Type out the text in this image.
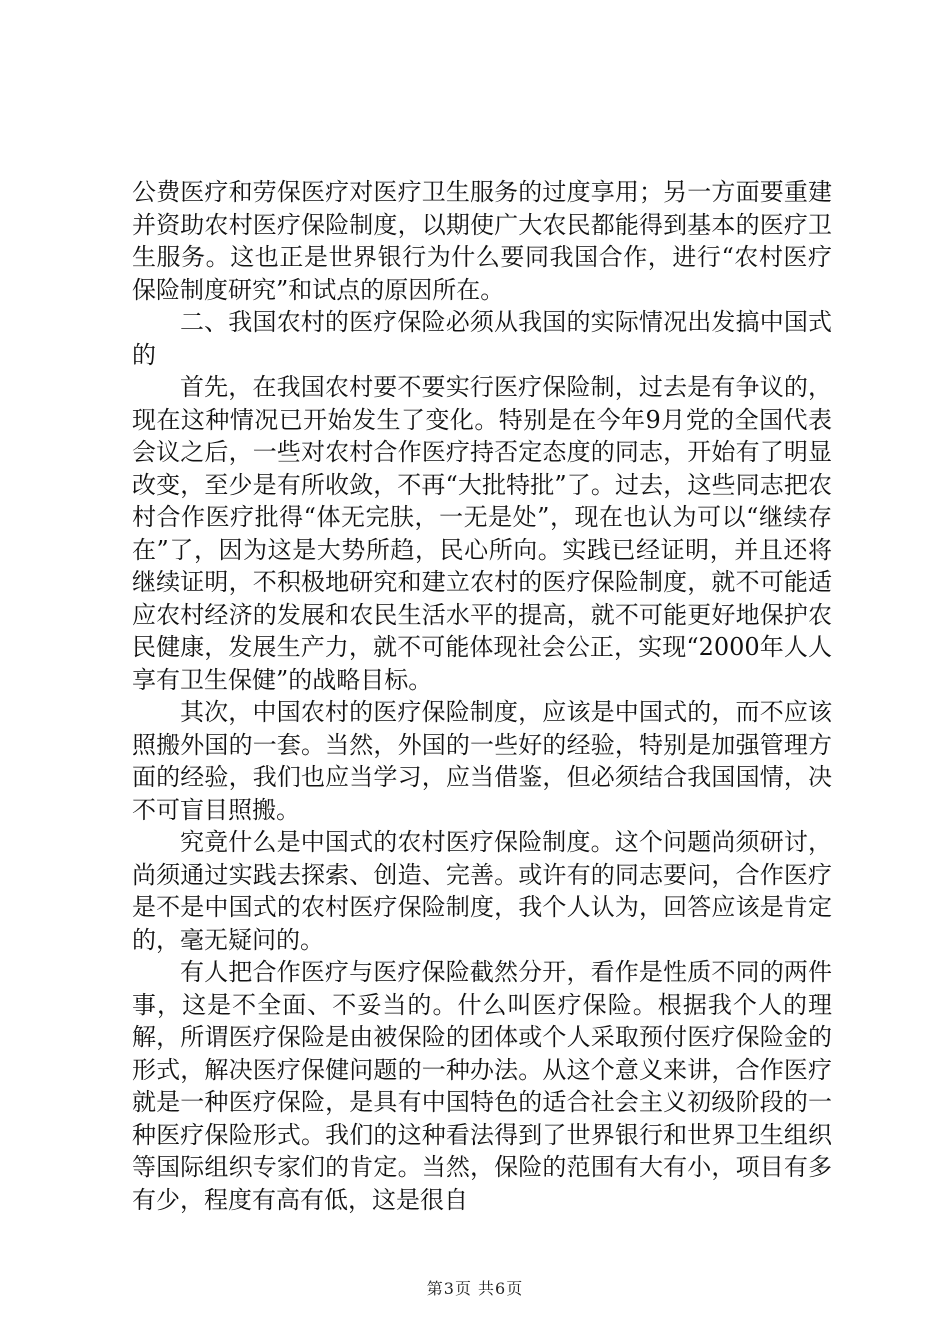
公费医疗和劳保医疗对医疗卫生服务的过度享用；另一方面要重建并资助农村医疗保险制度，以期使广大农民都能得到基本的医疗卫生服务。这也正是世界银行为什么要同我国合作，进行“农村医疗保险制度研究”和试点的原因所在。

二、我国农村的医疗保险必须从我国的实际情况出发搞中国式的

首先，在我国农村要不要实行医疗保险制，过去是有争议的，现在这种情况已开始发生了变化。特别是在今年9月党的全国代表会议之后，一些对农村合作医疗持否定态度的同志，开始有了明显改变，至少是有所收敛，不再“大批特批”了。过去，这些同志把农村合作医疗批得“体无完肤，一无是处”，现在也认为可以“继续存在”了，因为这是大势所趋，民心所向。实践已经证明，并且还将继续证明，不积极地研究和建立农村的医疗保险制度，就不可能适应农村经济的发展和农民生活水平的提高，就不可能更好地保护农民健康，发展生产力，就不可能体现社会公正，实现“2000年人人享有卫生保健”的战略目标。

其次，中国农村的医疗保险制度，应该是中国式的，而不应该照搬外国的一套。当然，外国的一些好的经验，特别是加强管理方面的经验，我们也应当学习，应当借鉴，但必须结合我国国情，决不可盲目照搬。

究竟什么是中国式的农村医疗保险制度。这个问题尚须研讨，尚须通过实践去探索、创造、完善。或许有的同志要问，合作医疗是不是中国式的农村医疗保险制度，我个人认为，回答应该是肯定的，毫无疑问的。

有人把合作医疗与医疗保险截然分开，看作是性质不同的两件事，这是不全面、不妥当的。什么叫医疗保险。根据我个人的理解，所谓医疗保险是由被保险的团体或个人采取预付医疗保险金的形式，解决医疗保健问题的一种办法。从这个意义来讲，合作医疗就是一种医疗保险，是具有中国特色的适合社会主义初级阶段的一种医疗保险形式。我们的这种看法得到了世界银行和世界卫生组织等国际组织专家们的肯定。当然，保险的范围有大有小，项目有多有少，程度有高有低，这是很自

第3页 共6页
